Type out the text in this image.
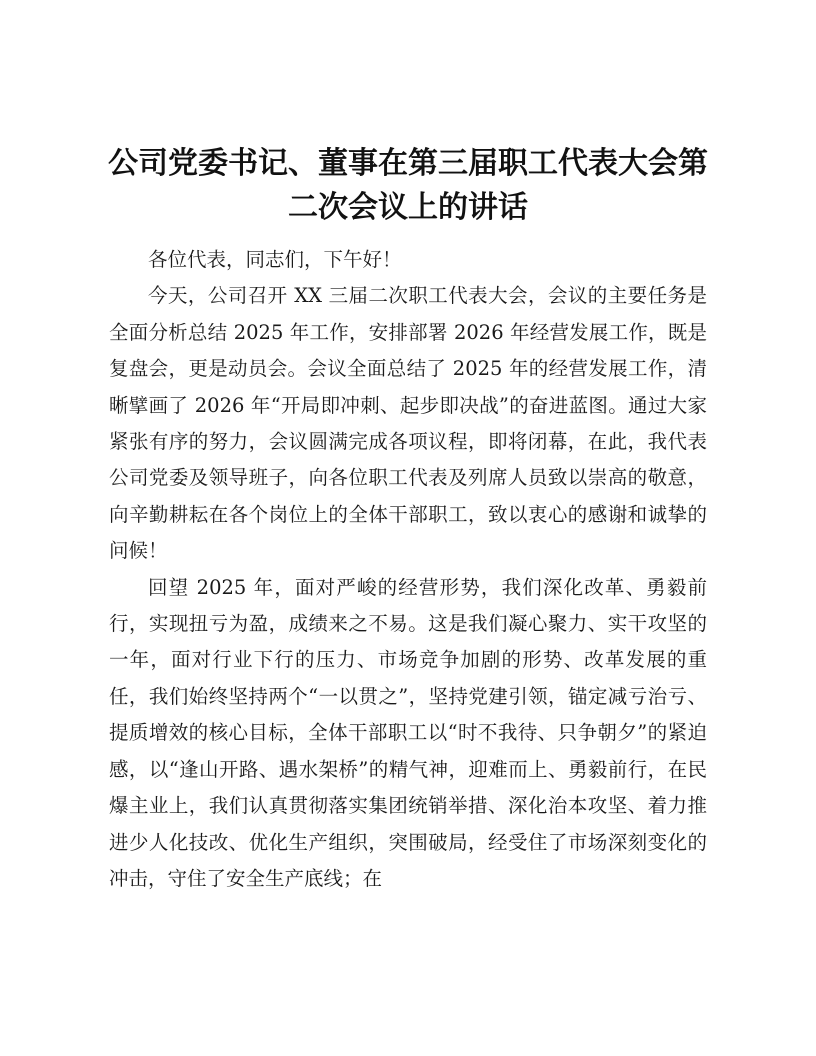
公司党委书记、董事在第三届职工代表大会第二次会议上的讲话

各位代表，同志们，下午好！

今天，公司召开 XX 三届二次职工代表大会，会议的主要任务是全面分析总结 2025 年工作，安排部署 2026 年经营发展工作，既是复盘会，更是动员会。会议全面总结了 2025 年的经营发展工作，清晰擘画了 2026 年“开局即冲刺、起步即决战”的奋进蓝图。通过大家紧张有序的努力，会议圆满完成各项议程，即将闭幕，在此，我代表公司党委及领导班子，向各位职工代表及列席人员致以崇高的敬意，向辛勤耕耘在各个岗位上的全体干部职工，致以衷心的感谢和诚挚的问候！

回望 2025 年，面对严峻的经营形势，我们深化改革、勇毅前行，实现扭亏为盈，成绩来之不易。这是我们凝心聚力、实干攻坚的一年，面对行业下行的压力、市场竞争加剧的形势、改革发展的重任，我们始终坚持两个“一以贯之”，坚持党建引领，锚定减亏治亏、提质增效的核心目标，全体干部职工以“时不我待、只争朝夕”的紧迫感，以“逢山开路、遇水架桥”的精气神，迎难而上、勇毅前行，在民爆主业上，我们认真贯彻落实集团统销举措、深化治本攻坚、着力推进少人化技改、优化生产组织，突围破局，经受住了市场深刻变化的冲击，守住了安全生产底线；在
